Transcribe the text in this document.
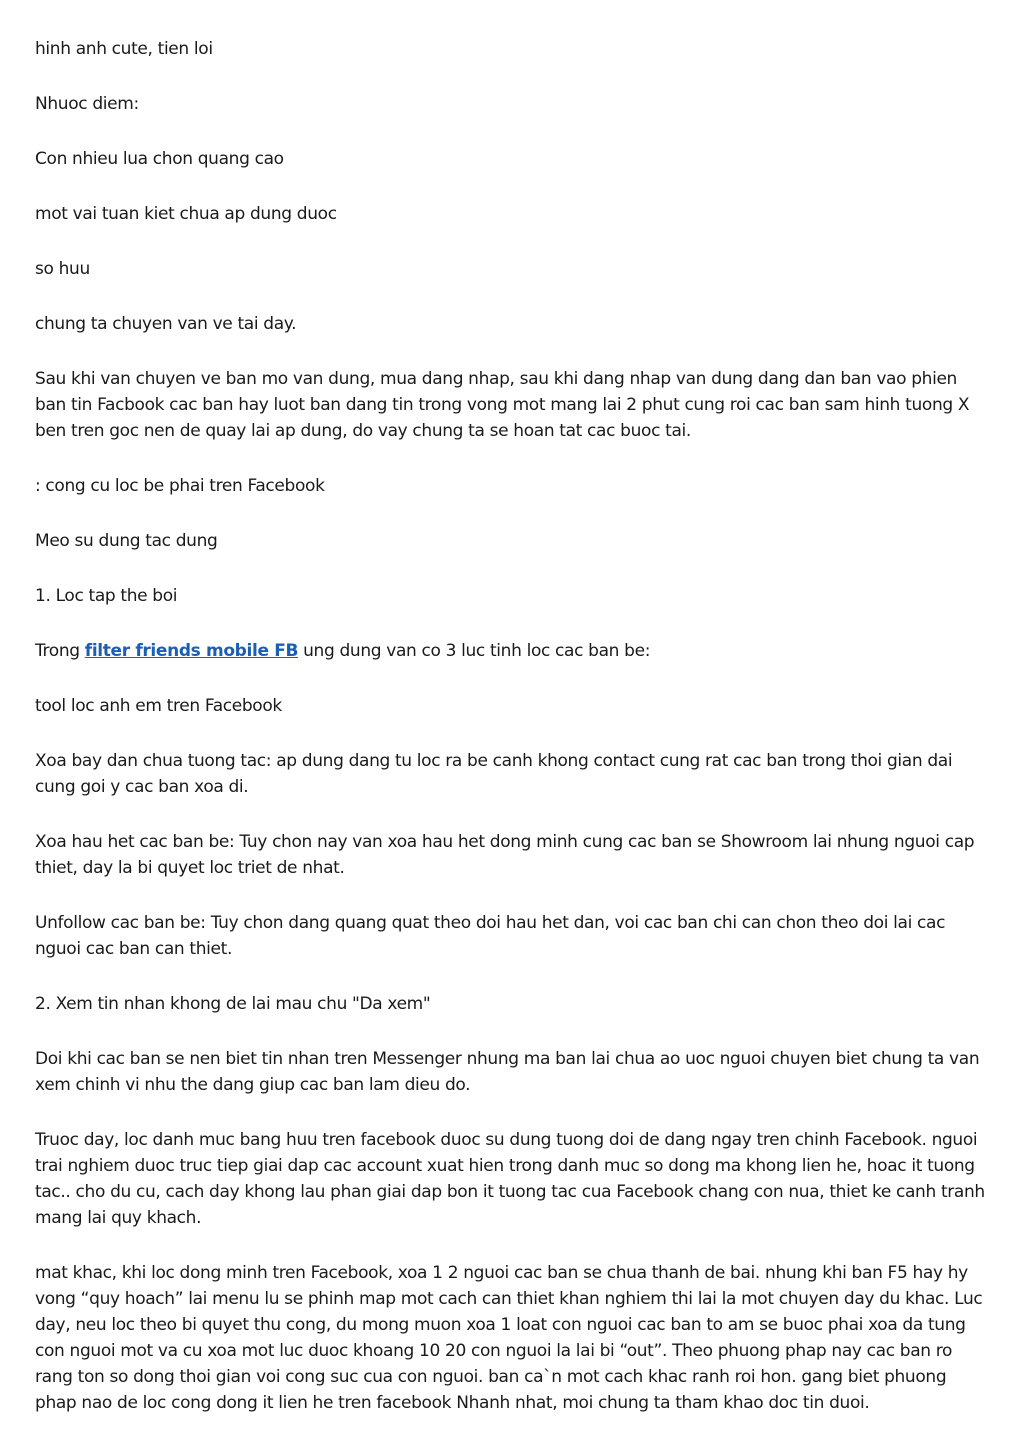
hinh anh cute, tien loi

Nhuoc diem:

Con nhieu lua chon quang cao

mot vai tuan kiet chua ap dung duoc

so huu

chung ta chuyen van ve tai day.

Sau khi van chuyen ve ban mo van dung, mua dang nhap, sau khi dang nhap van dung dang dan ban vao phien ban tin Facbook cac ban hay luot ban dang tin trong vong mot mang lai 2 phut cung roi cac ban sam hinh tuong X ben tren goc nen de quay lai ap dung, do vay chung ta se hoan tat cac buoc tai.

: cong cu loc be phai tren Facebook

Meo su dung tac dung

1. Loc tap the boi

Trong filter friends mobile FB ung dung van co 3 luc tinh loc cac ban be:

tool loc anh em tren Facebook

Xoa bay dan chua tuong tac: ap dung dang tu loc ra be canh khong contact cung rat cac ban trong thoi gian dai cung goi y cac ban xoa di.

Xoa hau het cac ban be: Tuy chon nay van xoa hau het dong minh cung cac ban se Showroom lai nhung nguoi cap thiet, day la bi quyet loc triet de nhat.

Unfollow cac ban be: Tuy chon dang quang quat theo doi hau het dan, voi cac ban chi can chon theo doi lai cac nguoi cac ban can thiet.

2. Xem tin nhan khong de lai mau chu "Da xem"

Doi khi cac ban se nen biet tin nhan tren Messenger nhung ma ban lai chua ao uoc nguoi chuyen biet chung ta van xem chinh vi nhu the dang giup cac ban lam dieu do.

Truoc day, loc danh muc bang huu tren facebook duoc su dung tuong doi de dang ngay tren chinh Facebook. nguoi trai nghiem duoc truc tiep giai dap cac account xuat hien trong danh muc so dong ma khong lien he, hoac it tuong tac.. cho du cu, cach day khong lau phan giai dap bon it tuong tac cua Facebook chang con nua, thiet ke canh tranh mang lai quy khach.

mat khac, khi loc dong minh tren Facebook, xoa 1 2 nguoi cac ban se chua thanh de bai. nhung khi ban F5 hay hy vong “quy hoach” lai menu lu se phinh map mot cach can thiet khan nghiem thi lai la mot chuyen day du khac. Luc day, neu loc theo bi quyet thu cong, du mong muon xoa 1 loat con nguoi cac ban to am se buoc phai xoa da tung con nguoi mot va cu xoa mot luc duoc khoang 10 20 con nguoi la lai bi “out”. Theo phuong phap nay cac ban ro rang ton so dong thoi gian voi cong suc cua con nguoi. ban ca`n mot cach khac ranh roi hon. gang biet phuong phap nao de loc cong dong it lien he tren facebook Nhanh nhat, moi chung ta tham khao doc tin duoi.
